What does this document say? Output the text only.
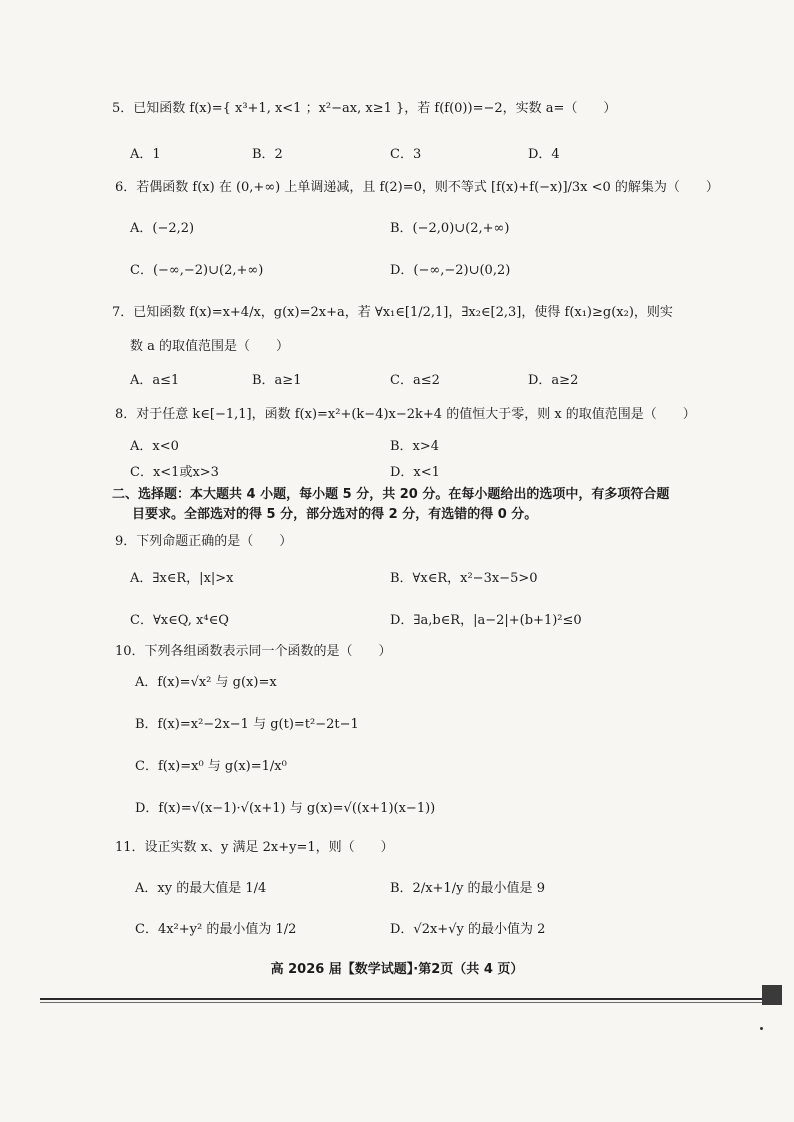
5．已知函数 f(x)={ x³+1, x<1 ；x²−ax, x≥1 }，若 f(f(0))=−2，实数 a=（　　）
A．1	B．2	C．3	D．4
6．若偶函数 f(x) 在 (0,+∞) 上单调递减，且 f(2)=0，则不等式 [f(x)+f(−x)]/3x <0 的解集为（　　）
A．(−2,2)	B．(−2,0)∪(2,+∞)
C．(−∞,−2)∪(2,+∞)	D．(−∞,−2)∪(0,2)
7．已知函数 f(x)=x+4/x，g(x)=2x+a，若 ∀x₁∈[1/2,1]，∃x₂∈[2,3]，使得 f(x₁)≥g(x₂)，则实
数 a 的取值范围是（　　）
A．a≤1	B．a≥1	C．a≤2	D．a≥2
8．对于任意 k∈[−1,1]，函数 f(x)=x²+(k−4)x−2k+4 的值恒大于零，则 x 的取值范围是（　　）
A．x<0	B．x>4
C．x<1或x>3	D．x<1
二、选择题：本大题共 4 小题，每小题 5 分，共 20 分。在每小题给出的选项中，有多项符合题
目要求。全部选对的得 5 分，部分选对的得 2 分，有选错的得 0 分。
9．下列命题正确的是（　　）
A．∃x∈R，|x|>x	B．∀x∈R，x²−3x−5>0
C．∀x∈Q, x⁴∈Q	D．∃a,b∈R，|a−2|+(b+1)²≤0
10．下列各组函数表示同一个函数的是（　　）
A．f(x)=√x² 与 g(x)=x
B．f(x)=x²−2x−1 与 g(t)=t²−2t−1
C．f(x)=x⁰ 与 g(x)=1/x⁰
D．f(x)=√(x−1)·√(x+1) 与 g(x)=√((x+1)(x−1))
11．设正实数 x、y 满足 2x+y=1，则（　　）
A．xy 的最大值是 1/4	B．2/x+1/y 的最小值是 9
C．4x²+y² 的最小值为 1/2	D．√2x+√y 的最小值为 2
高 2026 届【数学试题】·第2页（共 4 页）
